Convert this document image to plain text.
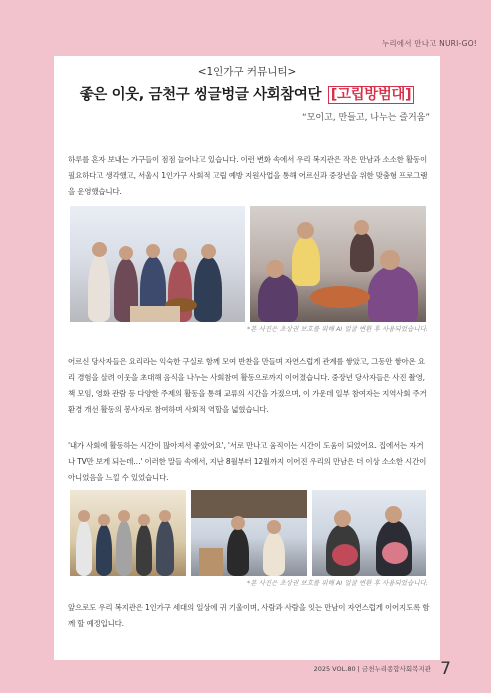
누리에서 만나고 NURI-GO!
<1인가구 커뮤니티>
좋은 이웃, 금천구 씽글벙글 사회참여단 [고립방범대]
“모이고, 만들고, 나누는 즐거움”

하루를 혼자 보내는 가구들이 점점 늘어나고 있습니다. 이런 변화 속에서 우리 복지관은 작은 만남과 소소한 활동이 필요하다고 생각했고, 서울시 1인가구 사회적 고립 예방 지원사업을 통해 어르신과 중장년을 위한 맞춤형 프로그램을 운영했습니다.

*본 사진은 초상권 보호를 위해 AI 얼굴 변환 후 사용되었습니다.

어르신 당사자들은 요리라는 익숙한 구실로 함께 모여 반찬을 만들며 자연스럽게 관계를 쌓았고, 그동안 쌓아온 요리 경험을 살려 이웃을 초대해 음식을 나누는 사회참여 활동으로까지 이어졌습니다. 중장년 당사자들은 사진 촬영, 책 모임, 영화 관람 등 다양한 주제의 활동을 통해 교류의 시간을 가졌으며, 이 가운데 일부 참여자는 지역사회 주거환경 개선 활동의 봉사자로 참여하며 사회적 역할을 넓혔습니다.

'내가 사회에 활동하는 시간이 많아져서 좋았어요', '서로 만나고 움직이는 시간이 도움이 되었어요. 집에서는 자거나 TV만 보게 되는데…' 이러한 말들 속에서, 지난 8월부터 12월까지 이어진 우리의 만남은 더 이상 소소한 시간이 아니었음을 느낄 수 있었습니다.

*본 사진은 초상권 보호를 위해 AI 얼굴 변환 후 사용되었습니다.

앞으로도 우리 복지관은 1인가구 세대의 일상에 귀 기울이며, 사람과 사람을 잇는 만남이 자연스럽게 이어지도록 함께 할 예정입니다.

2025 VOL.80 | 금천누리종합사회복지관 7
